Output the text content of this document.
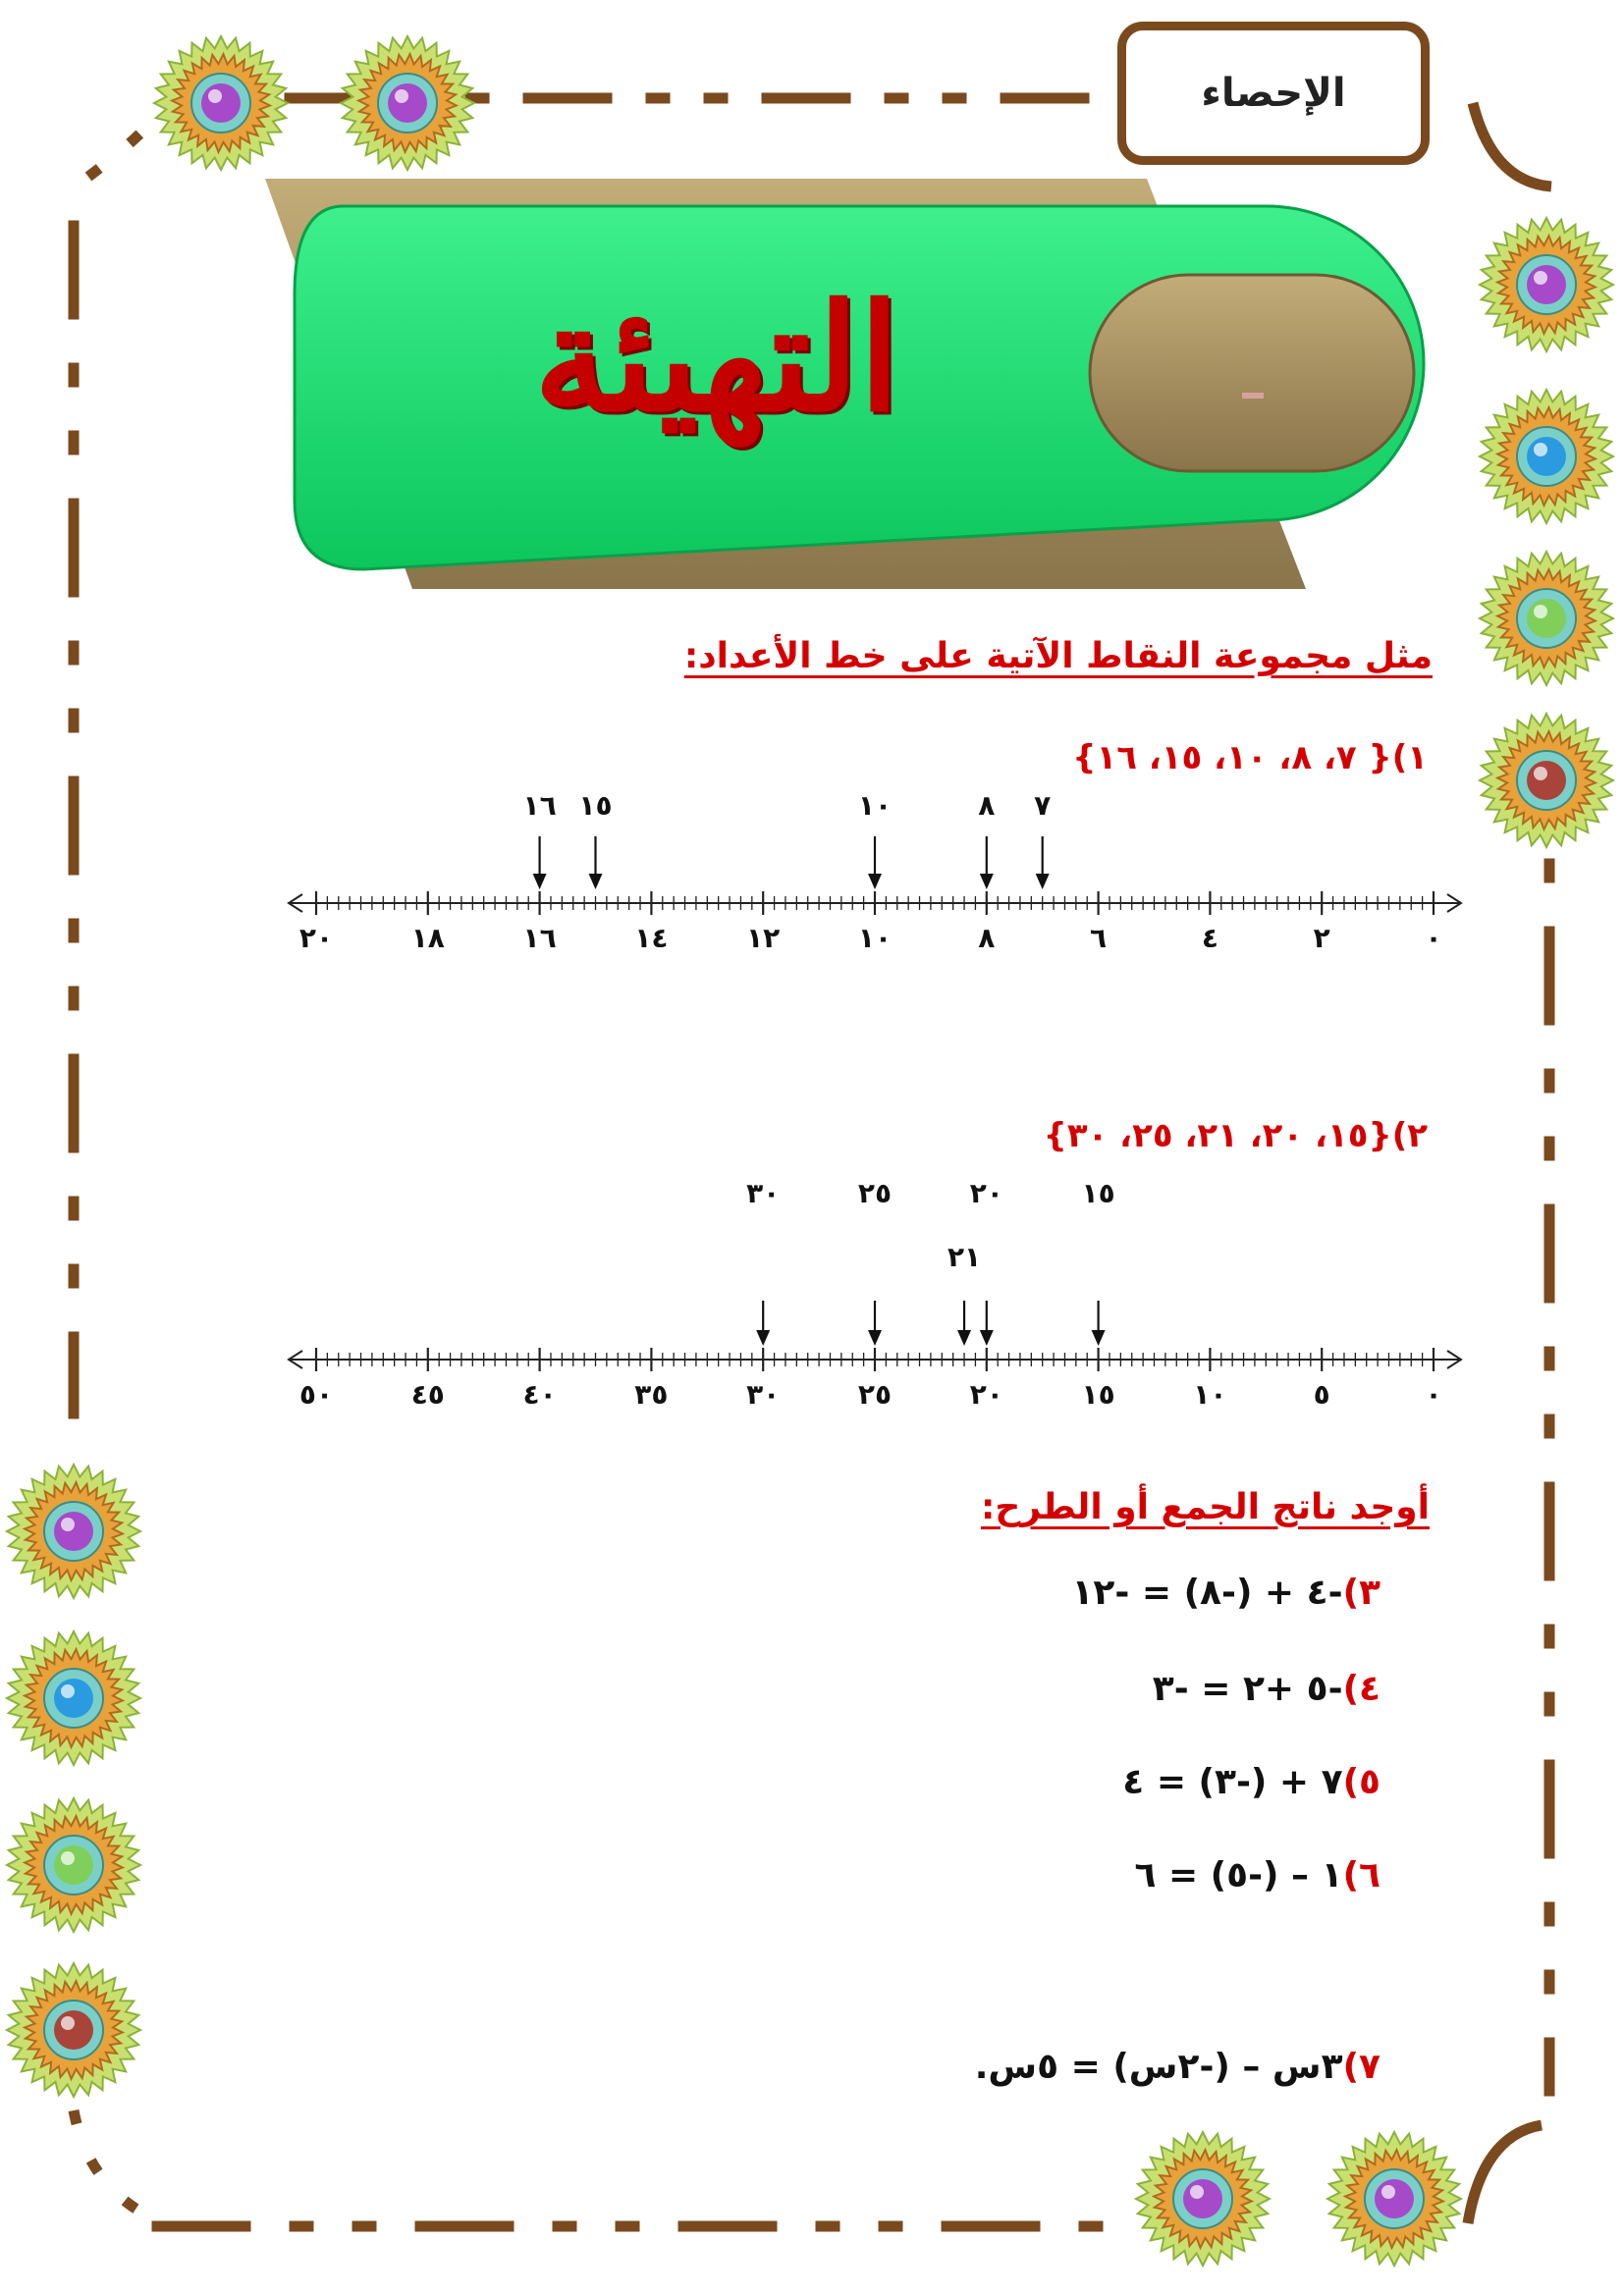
الإحصاء
التهيئة
مثل مجموعة النقاط الآتية على خط الأعداد:
١){ ٧، ٨، ١٠، ١٥، ١٦}
٠
٢
٤
٦
٨
١٠
١٢
١٤
١٦
١٨
٢٠
٧
٨
١٠
١٥
١٦
٢){١٥، ٢٠، ٢١، ٢٥، ٣٠}
٠
٥
١٠
١٥
٢٠
٢٥
٣٠
٣٥
٤٠
٤٥
٥٠
١٥
٢٠
٢١
٢٥
٣٠
أوجد ناتج الجمع أو الطرح:
٣)-٤ + (-٨) = -١٢
٤)-٥ +٢ = -٣
٥)٧ + (-٣) = ٤
٦)١ – (-٥) = ٦
٧)٣س – (-٢س) = ٥س.
